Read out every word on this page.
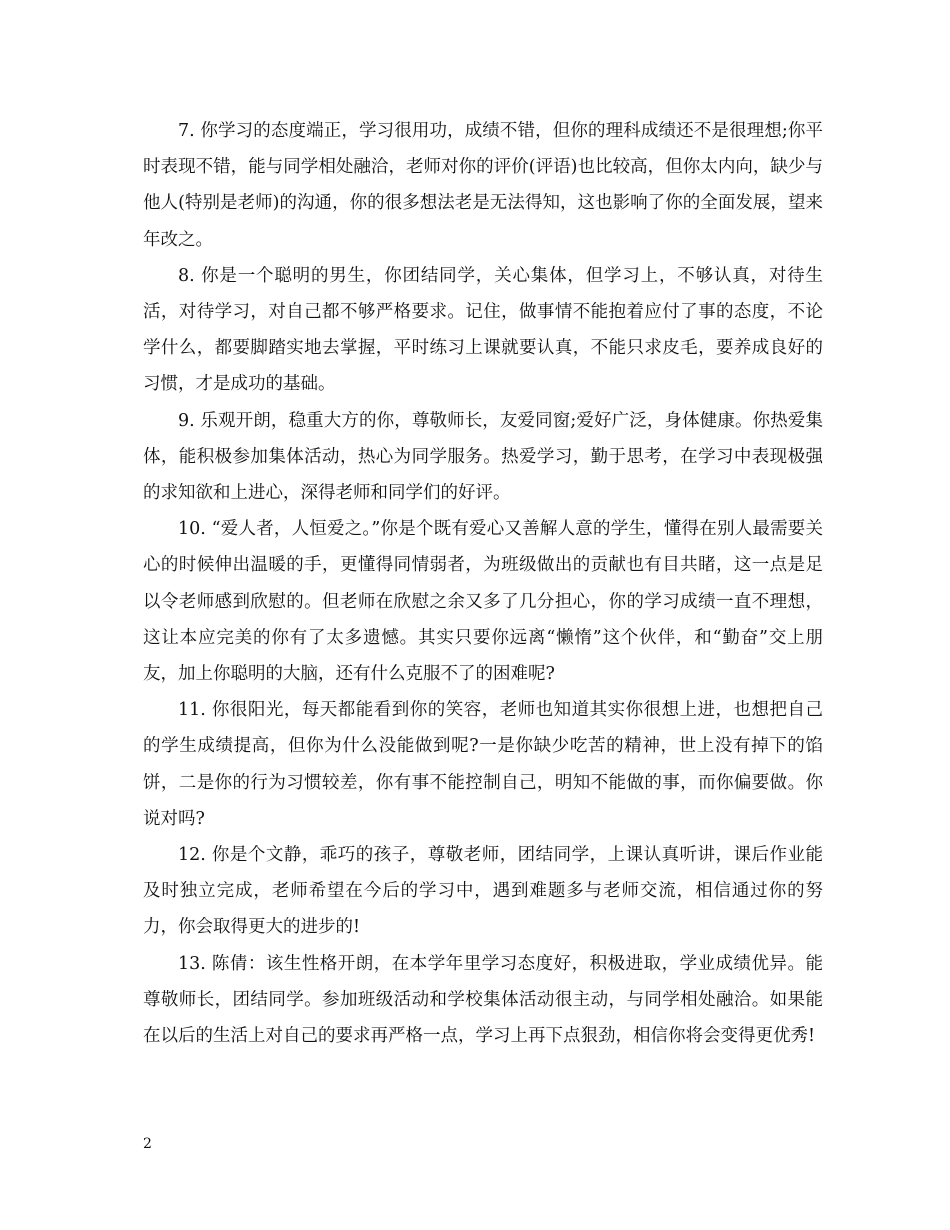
7. 你学习的态度端正，学习很用功，成绩不错，但你的理科成绩还不是很理想;你平时表现不错，能与同学相处融洽，老师对你的评价(评语)也比较高，但你太内向，缺少与他人(特别是老师)的沟通，你的很多想法老是无法得知，这也影响了你的全面发展，望来年改之。

8. 你是一个聪明的男生，你团结同学，关心集体，但学习上，不够认真，对待生活，对待学习，对自己都不够严格要求。记住，做事情不能抱着应付了事的态度，不论学什么，都要脚踏实地去掌握，平时练习上课就要认真，不能只求皮毛，要养成良好的习惯，才是成功的基础。

9. 乐观开朗，稳重大方的你，尊敬师长，友爱同窗;爱好广泛，身体健康。你热爱集体，能积极参加集体活动，热心为同学服务。热爱学习，勤于思考，在学习中表现极强的求知欲和上进心，深得老师和同学们的好评。

10. “爱人者，人恒爱之。”你是个既有爱心又善解人意的学生，懂得在别人最需要关心的时候伸出温暖的手，更懂得同情弱者，为班级做出的贡献也有目共睹，这一点是足以令老师感到欣慰的。但老师在欣慰之余又多了几分担心，你的学习成绩一直不理想，这让本应完美的你有了太多遗憾。其实只要你远离“懒惰”这个伙伴，和“勤奋”交上朋友，加上你聪明的大脑，还有什么克服不了的困难呢?

11. 你很阳光，每天都能看到你的笑容，老师也知道其实你很想上进，也想把自己的学生成绩提高，但你为什么没能做到呢?一是你缺少吃苦的精神，世上没有掉下的馅饼，二是你的行为习惯较差，你有事不能控制自己，明知不能做的事，而你偏要做。你说对吗?

12. 你是个文静，乖巧的孩子，尊敬老师，团结同学，上课认真听讲，课后作业能及时独立完成，老师希望在今后的学习中，遇到难题多与老师交流，相信通过你的努力，你会取得更大的进步的!

13. 陈倩：该生性格开朗，在本学年里学习态度好，积极进取，学业成绩优异。能尊敬师长，团结同学。参加班级活动和学校集体活动很主动，与同学相处融洽。如果能在以后的生活上对自己的要求再严格一点，学习上再下点狠劲，相信你将会变得更优秀!

2
